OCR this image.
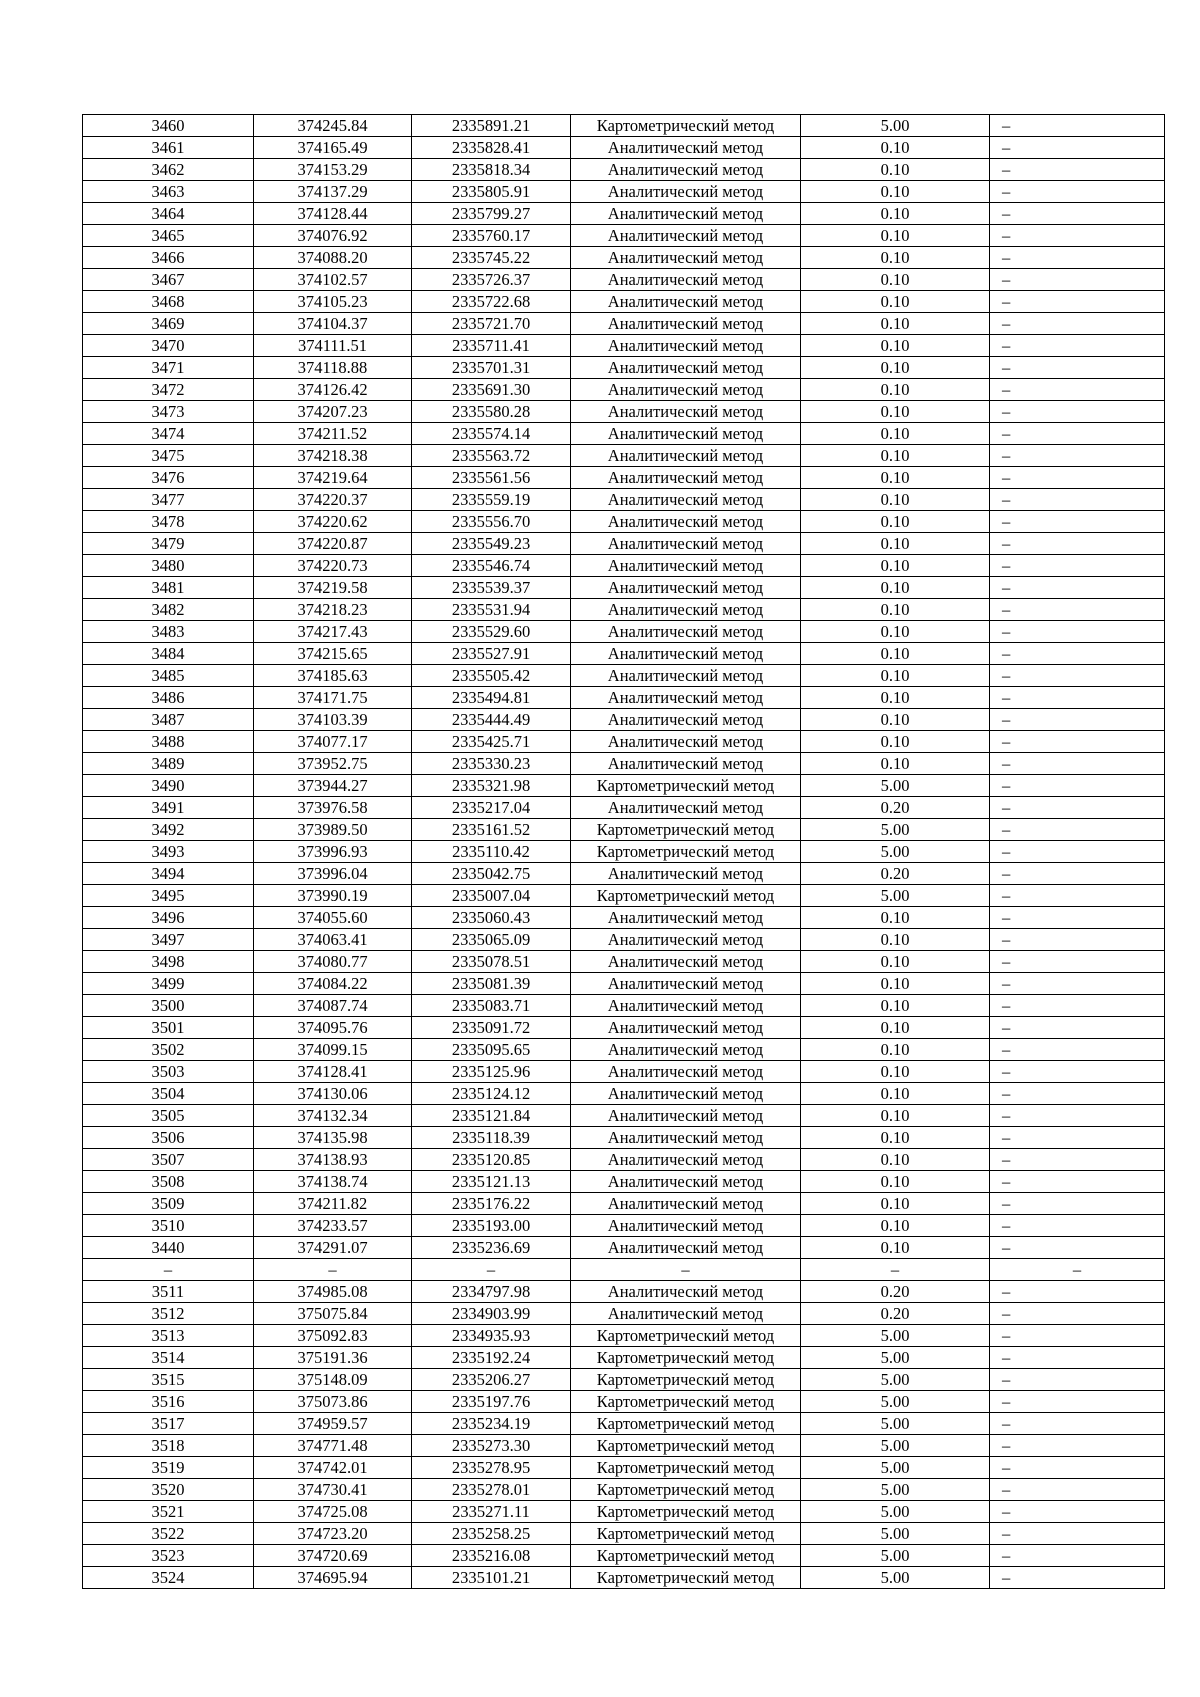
3460	374245.84	2335891.21	Картометрический метод	5.00	–
3461	374165.49	2335828.41	Аналитический метод	0.10	–
3462	374153.29	2335818.34	Аналитический метод	0.10	–
3463	374137.29	2335805.91	Аналитический метод	0.10	–
3464	374128.44	2335799.27	Аналитический метод	0.10	–
3465	374076.92	2335760.17	Аналитический метод	0.10	–
3466	374088.20	2335745.22	Аналитический метод	0.10	–
3467	374102.57	2335726.37	Аналитический метод	0.10	–
3468	374105.23	2335722.68	Аналитический метод	0.10	–
3469	374104.37	2335721.70	Аналитический метод	0.10	–
3470	374111.51	2335711.41	Аналитический метод	0.10	–
3471	374118.88	2335701.31	Аналитический метод	0.10	–
3472	374126.42	2335691.30	Аналитический метод	0.10	–
3473	374207.23	2335580.28	Аналитический метод	0.10	–
3474	374211.52	2335574.14	Аналитический метод	0.10	–
3475	374218.38	2335563.72	Аналитический метод	0.10	–
3476	374219.64	2335561.56	Аналитический метод	0.10	–
3477	374220.37	2335559.19	Аналитический метод	0.10	–
3478	374220.62	2335556.70	Аналитический метод	0.10	–
3479	374220.87	2335549.23	Аналитический метод	0.10	–
3480	374220.73	2335546.74	Аналитический метод	0.10	–
3481	374219.58	2335539.37	Аналитический метод	0.10	–
3482	374218.23	2335531.94	Аналитический метод	0.10	–
3483	374217.43	2335529.60	Аналитический метод	0.10	–
3484	374215.65	2335527.91	Аналитический метод	0.10	–
3485	374185.63	2335505.42	Аналитический метод	0.10	–
3486	374171.75	2335494.81	Аналитический метод	0.10	–
3487	374103.39	2335444.49	Аналитический метод	0.10	–
3488	374077.17	2335425.71	Аналитический метод	0.10	–
3489	373952.75	2335330.23	Аналитический метод	0.10	–
3490	373944.27	2335321.98	Картометрический метод	5.00	–
3491	373976.58	2335217.04	Аналитический метод	0.20	–
3492	373989.50	2335161.52	Картометрический метод	5.00	–
3493	373996.93	2335110.42	Картометрический метод	5.00	–
3494	373996.04	2335042.75	Аналитический метод	0.20	–
3495	373990.19	2335007.04	Картометрический метод	5.00	–
3496	374055.60	2335060.43	Аналитический метод	0.10	–
3497	374063.41	2335065.09	Аналитический метод	0.10	–
3498	374080.77	2335078.51	Аналитический метод	0.10	–
3499	374084.22	2335081.39	Аналитический метод	0.10	–
3500	374087.74	2335083.71	Аналитический метод	0.10	–
3501	374095.76	2335091.72	Аналитический метод	0.10	–
3502	374099.15	2335095.65	Аналитический метод	0.10	–
3503	374128.41	2335125.96	Аналитический метод	0.10	–
3504	374130.06	2335124.12	Аналитический метод	0.10	–
3505	374132.34	2335121.84	Аналитический метод	0.10	–
3506	374135.98	2335118.39	Аналитический метод	0.10	–
3507	374138.93	2335120.85	Аналитический метод	0.10	–
3508	374138.74	2335121.13	Аналитический метод	0.10	–
3509	374211.82	2335176.22	Аналитический метод	0.10	–
3510	374233.57	2335193.00	Аналитический метод	0.10	–
3440	374291.07	2335236.69	Аналитический метод	0.10	–
–	–	–	–	–	–
3511	374985.08	2334797.98	Аналитический метод	0.20	–
3512	375075.84	2334903.99	Аналитический метод	0.20	–
3513	375092.83	2334935.93	Картометрический метод	5.00	–
3514	375191.36	2335192.24	Картометрический метод	5.00	–
3515	375148.09	2335206.27	Картометрический метод	5.00	–
3516	375073.86	2335197.76	Картометрический метод	5.00	–
3517	374959.57	2335234.19	Картометрический метод	5.00	–
3518	374771.48	2335273.30	Картометрический метод	5.00	–
3519	374742.01	2335278.95	Картометрический метод	5.00	–
3520	374730.41	2335278.01	Картометрический метод	5.00	–
3521	374725.08	2335271.11	Картометрический метод	5.00	–
3522	374723.20	2335258.25	Картометрический метод	5.00	–
3523	374720.69	2335216.08	Картометрический метод	5.00	–
3524	374695.94	2335101.21	Картометрический метод	5.00	–
